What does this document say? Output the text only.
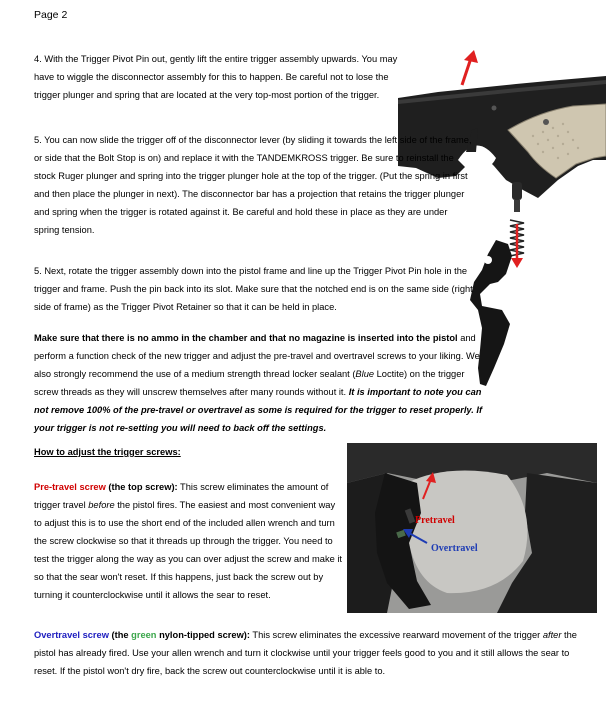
Page 2

4. With the Trigger Pivot Pin out, gently lift the entire trigger assembly upwards. You may have to wiggle the disconnector assembly for this to happen. Be careful not to lose the trigger plunger and spring that are located at the very top-most portion of the trigger.

5. You can now slide the trigger off of the disconnector lever (by sliding it towards the left side of the frame, or side that the Bolt Stop is on) and replace it with the TANDEMKROSS trigger. Be sure to reinstall the stock Ruger plunger and spring into the trigger plunger hole at the top of the trigger. (Put the spring in first and then place the plunger in next). The disconnector bar has a projection that retains the trigger plunger and spring when the trigger is rotated against it. Be careful and hold these in place as they are under spring tension.

5. Next, rotate the trigger assembly down into the pistol frame and line up the Trigger Pivot Pin hole in the trigger and frame. Push the pin back into its slot. Make sure that the notched end is on the same side (right side of frame) as the Trigger Pivot Retainer so that it can be held in place.

Make sure that there is no ammo in the chamber and that no magazine is inserted into the pistol and perform a function check of the new trigger and adjust the pre-travel and overtravel screws to your liking. We also strongly recommend the use of a medium strength thread locker sealant (Blue Loctite) on the trigger screw threads as they will unscrew themselves after many rounds without it. It is important to note you can not remove 100% of the pre-travel or overtravel as some is required for the trigger to reset properly. If your trigger is not re-setting you will need to back off the settings.

How to adjust the trigger screws:

Pre-travel screw (the top screw): This screw eliminates the amount of trigger travel before the pistol fires. The easiest and most convenient way to adjust this is to use the short end of the included allen wrench and turn the screw clockwise so that it threads up through the trigger. You need to test the trigger along the way as you can over adjust the screw and make it so that the sear won't reset. If this happens, just back the screw out by turning it counterclockwise until it allows the sear to reset.

Pretravel
Overtravel

Overtravel screw (the green nylon-tipped screw): This screw eliminates the excessive rearward movement of the trigger after the pistol has already fired. Use your allen wrench and turn it clockwise until your trigger feels good to you and it still allows the sear to reset. If the pistol won't dry fire, back the screw out counterclockwise until it is able to.
